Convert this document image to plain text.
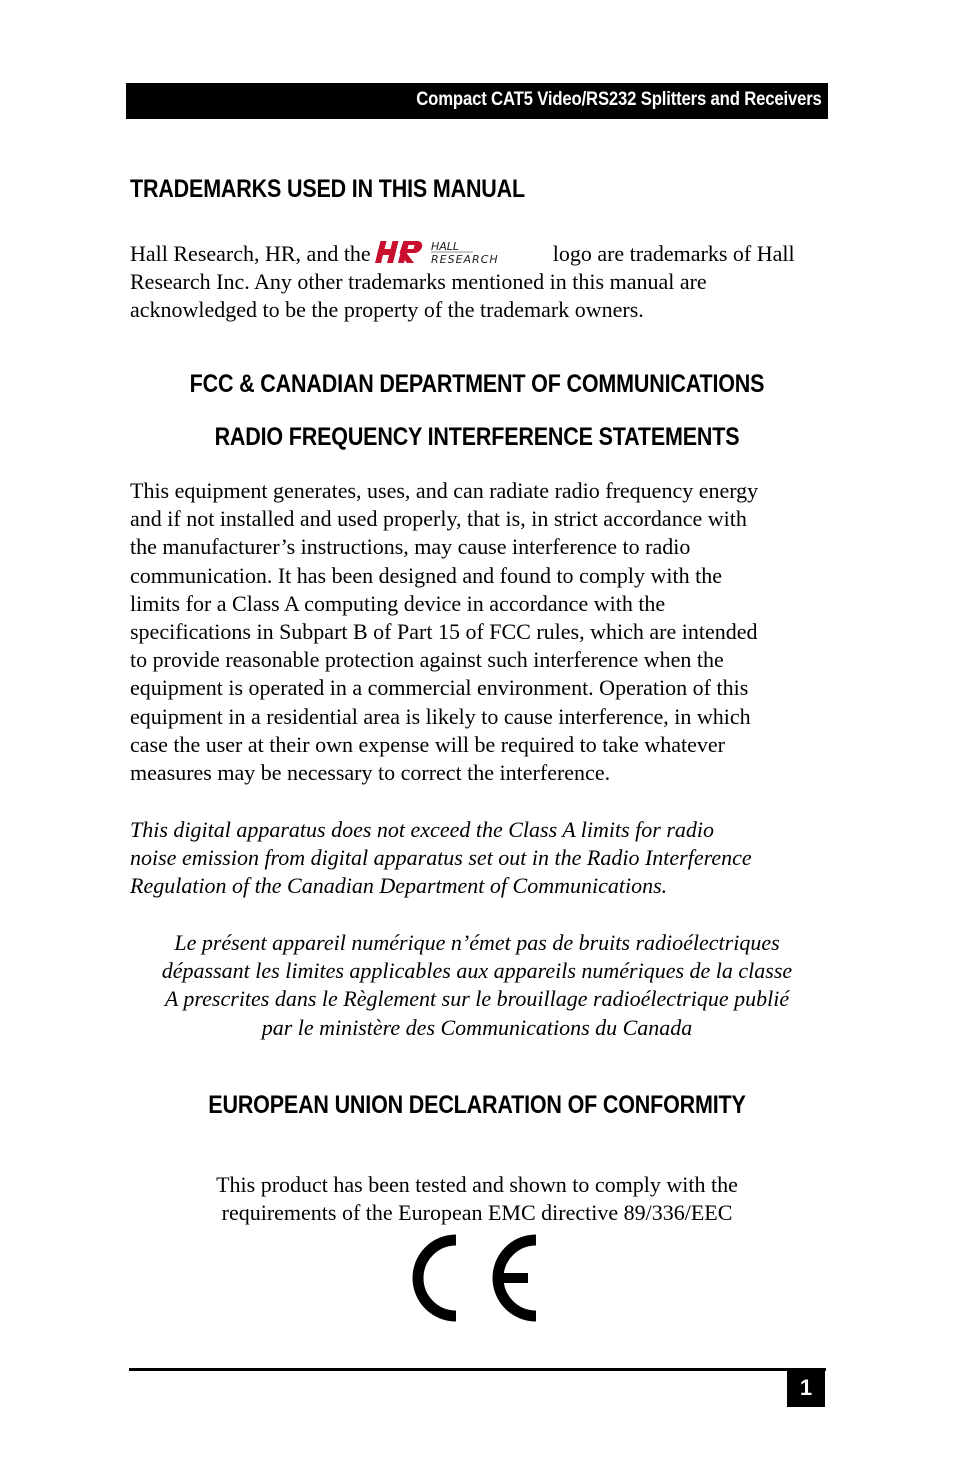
Compact CAT5 Video/RS232 Splitters and Receivers
TRADEMARKS USED IN THIS MANUAL
Hall Research, HR, and the	HALL
RESEARCH logo are trademarks of Hall
Research Inc. Any other trademarks mentioned in this manual are
acknowledged to be the property of the trademark owners.
FCC & CANADIAN DEPARTMENT OF COMMUNICATIONS
RADIO FREQUENCY INTERFERENCE STATEMENTS
This equipment generates, uses, and can radiate radio frequency energy
and if not installed and used properly, that is, in strict accordance with
the manufacturer’s instructions, may cause interference to radio
communication. It has been designed and found to comply with the
limits for a Class A computing device in accordance with the
specifications in Subpart B of Part 15 of FCC rules, which are intended
to provide reasonable protection against such interference when the
equipment is operated in a commercial environment. Operation of this
equipment in a residential area is likely to cause interference, in which
case the user at their own expense will be required to take whatever
measures may be necessary to correct the interference.
This digital apparatus does not exceed the Class A limits for radio
noise emission from digital apparatus set out in the Radio Interference
Regulation of the Canadian Department of Communications.
Le présent appareil numérique n’émet pas de bruits radioélectriques
dépassant les limites applicables aux appareils numériques de la classe
A prescrites dans le Règlement sur le brouillage radioélectrique publié
par le ministère des Communications du Canada
EUROPEAN UNION DECLARATION OF CONFORMITY
This product has been tested and shown to comply with the
requirements of the European EMC directive 89/336/EEC
1
